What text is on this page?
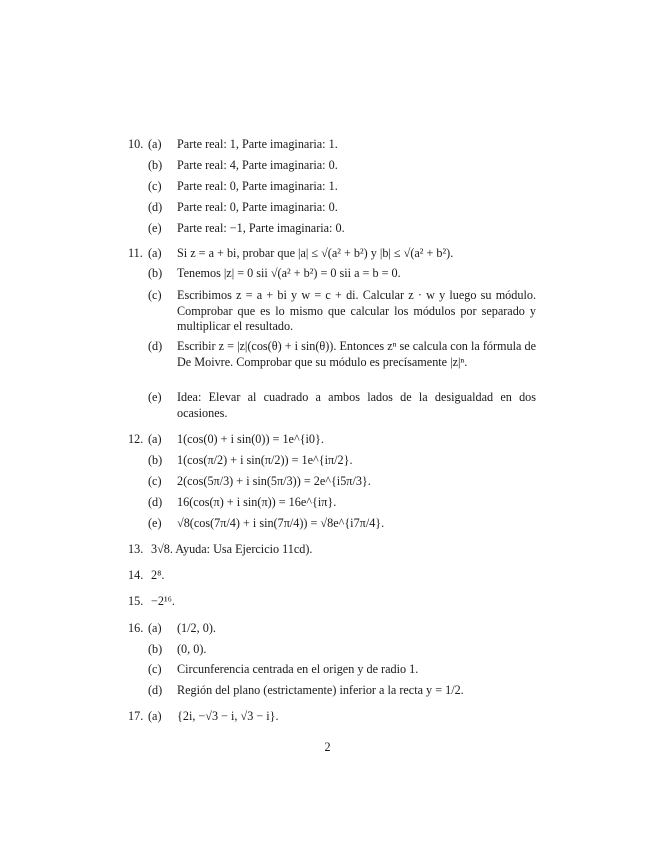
10. (a) Parte real: 1, Parte imaginaria: 1.
(b) Parte real: 4, Parte imaginaria: 0.
(c) Parte real: 0, Parte imaginaria: 1.
(d) Parte real: 0, Parte imaginaria: 0.
(e) Parte real: −1, Parte imaginaria: 0.
11. (a) Si z = a + bi, probar que |a| ≤ √(a² + b²) y |b| ≤ √(a² + b²).
(b) Tenemos |z| = 0 sii √(a² + b²) = 0 sii a = b = 0.
(c) Escribimos z = a + bi y w = c + di. Calcular z · w y luego su módulo. Comprobar que es lo mismo que calcular los módulos por separado y multiplicar el resultado.
(d) Escribir z = |z|(cos(θ) + i sin(θ)). Entonces zⁿ se calcula con la fórmula de De Moivre. Comprobar que su módulo es precísamente |z|ⁿ.
(e) Idea: Elevar al cuadrado a ambos lados de la desigualdad en dos ocasiones.
12. (a) 1(cos(0) + i sin(0)) = 1e^{i0}.
(b) 1(cos(π/2) + i sin(π/2)) = 1e^{iπ/2}.
(c) 2(cos(5π/3) + i sin(5π/3)) = 2e^{i5π/3}.
(d) 16(cos(π) + i sin(π)) = 16e^{iπ}.
(e) √8(cos(7π/4) + i sin(7π/4)) = √8e^{i7π/4}.
13. 3√8. Ayuda: Usa Ejercicio 11cd).
14. 2⁸.
15. −2¹⁶.
16. (a) (1/2, 0).
(b) (0, 0).
(c) Circunferencia centrada en el origen y de radio 1.
(d) Región del plano (estrictamente) inferior a la recta y = 1/2.
17. (a) {2i, −√3 − i, √3 − i}.
2
